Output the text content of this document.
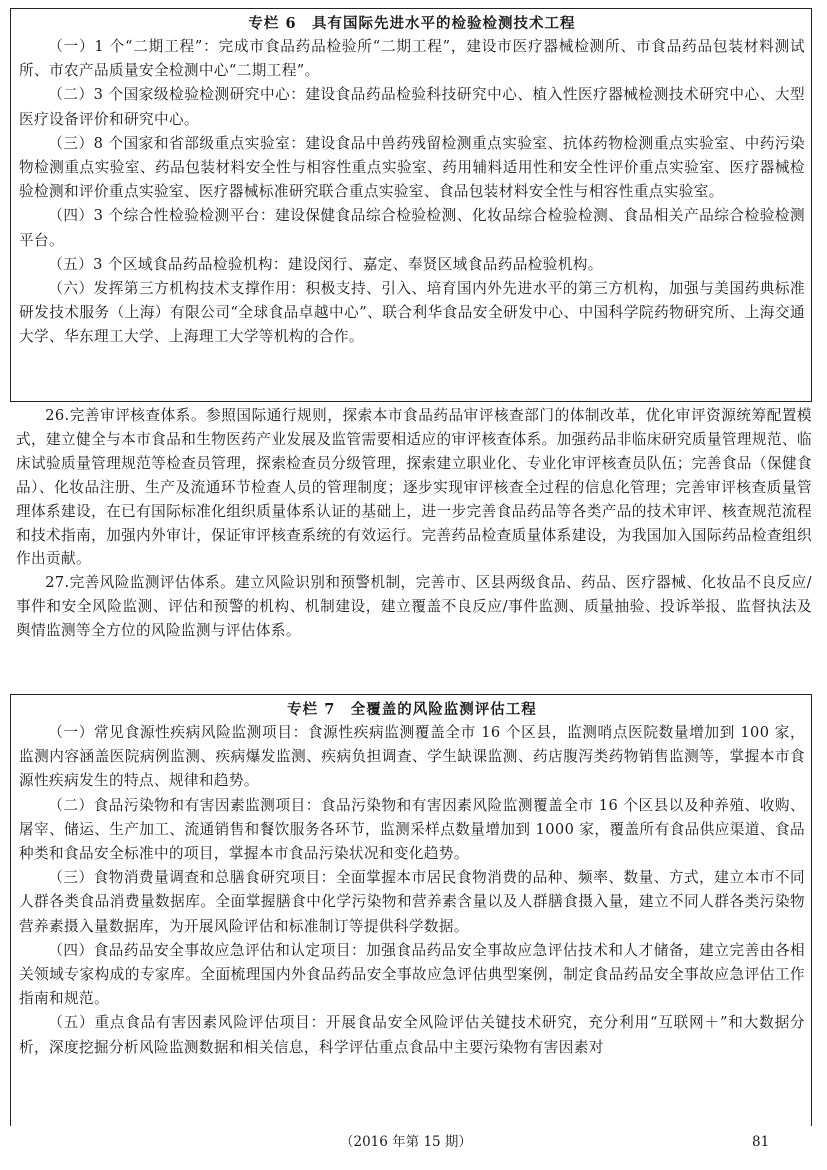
专栏 6　具有国际先进水平的检验检测技术工程

（一）1 个“二期工程”：完成市食品药品检验所“二期工程”，建设市医疗器械检测所、市食品药品包装材料测试所、市农产品质量安全检测中心“二期工程”。

（二）3 个国家级检验检测研究中心：建设食品药品检验科技研究中心、植入性医疗器械检测技术研究中心、大型医疗设备评价和研究中心。

（三）8 个国家和省部级重点实验室：建设食品中兽药残留检测重点实验室、抗体药物检测重点实验室、中药污染物检测重点实验室、药品包装材料安全性与相容性重点实验室、药用辅料适用性和安全性评价重点实验室、医疗器械检验检测和评价重点实验室、医疗器械标准研究联合重点实验室、食品包装材料安全性与相容性重点实验室。

（四）3 个综合性检验检测平台：建设保健食品综合检验检测、化妆品综合检验检测、食品相关产品综合检验检测平台。

（五）3 个区域食品药品检验机构：建设闵行、嘉定、奉贤区域食品药品检验机构。

（六）发挥第三方机构技术支撑作用：积极支持、引入、培育国内外先进水平的第三方机构，加强与美国药典标准研发技术服务（上海）有限公司“全球食品卓越中心”、联合利华食品安全研发中心、中国科学院药物研究所、上海交通大学、华东理工大学、上海理工大学等机构的合作。

26.完善审评核查体系。参照国际通行规则，探索本市食品药品审评核查部门的体制改革，优化审评资源统筹配置模式，建立健全与本市食品和生物医药产业发展及监管需要相适应的审评核查体系。加强药品非临床研究质量管理规范、临床试验质量管理规范等检查员管理，探索检查员分级管理，探索建立职业化、专业化审评核查员队伍；完善食品（保健食品）、化妆品注册、生产及流通环节检查人员的管理制度；逐步实现审评核查全过程的信息化管理；完善审评核查质量管理体系建设，在已有国际标准化组织质量体系认证的基础上，进一步完善食品药品等各类产品的技术审评、核查规范流程和技术指南，加强内外审计，保证审评核查系统的有效运行。完善药品检查质量体系建设，为我国加入国际药品检查组织作出贡献。

27.完善风险监测评估体系。建立风险识别和预警机制，完善市、区县两级食品、药品、医疗器械、化妆品不良反应/事件和安全风险监测、评估和预警的机构、机制建设，建立覆盖不良反应/事件监测、质量抽验、投诉举报、监督执法及舆情监测等全方位的风险监测与评估体系。

专栏 7　全覆盖的风险监测评估工程

（一）常见食源性疾病风险监测项目：食源性疾病监测覆盖全市 16 个区县，监测哨点医院数量增加到 100 家，监测内容涵盖医院病例监测、疾病爆发监测、疾病负担调查、学生缺课监测、药店腹泻类药物销售监测等，掌握本市食源性疾病发生的特点、规律和趋势。

（二）食品污染物和有害因素监测项目：食品污染物和有害因素风险监测覆盖全市 16 个区县以及种养殖、收购、屠宰、储运、生产加工、流通销售和餐饮服务各环节，监测采样点数量增加到 1000 家，覆盖所有食品供应渠道、食品种类和食品安全标准中的项目，掌握本市食品污染状况和变化趋势。

（三）食物消费量调查和总膳食研究项目：全面掌握本市居民食物消费的品种、频率、数量、方式，建立本市不同人群各类食品消费量数据库。全面掌握膳食中化学污染物和营养素含量以及人群膳食摄入量，建立不同人群各类污染物营养素摄入量数据库，为开展风险评估和标准制订等提供科学数据。

（四）食品药品安全事故应急评估和认定项目：加强食品药品安全事故应急评估技术和人才储备，建立完善由各相关领域专家构成的专家库。全面梳理国内外食品药品安全事故应急评估典型案例，制定食品药品安全事故应急评估工作指南和规范。

（五）重点食品有害因素风险评估项目：开展食品安全风险评估关键技术研究，充分利用“互联网＋”和大数据分析，深度挖掘分析风险监测数据和相关信息，科学评估重点食品中主要污染物有害因素对

（2016 年第 15 期）	81
